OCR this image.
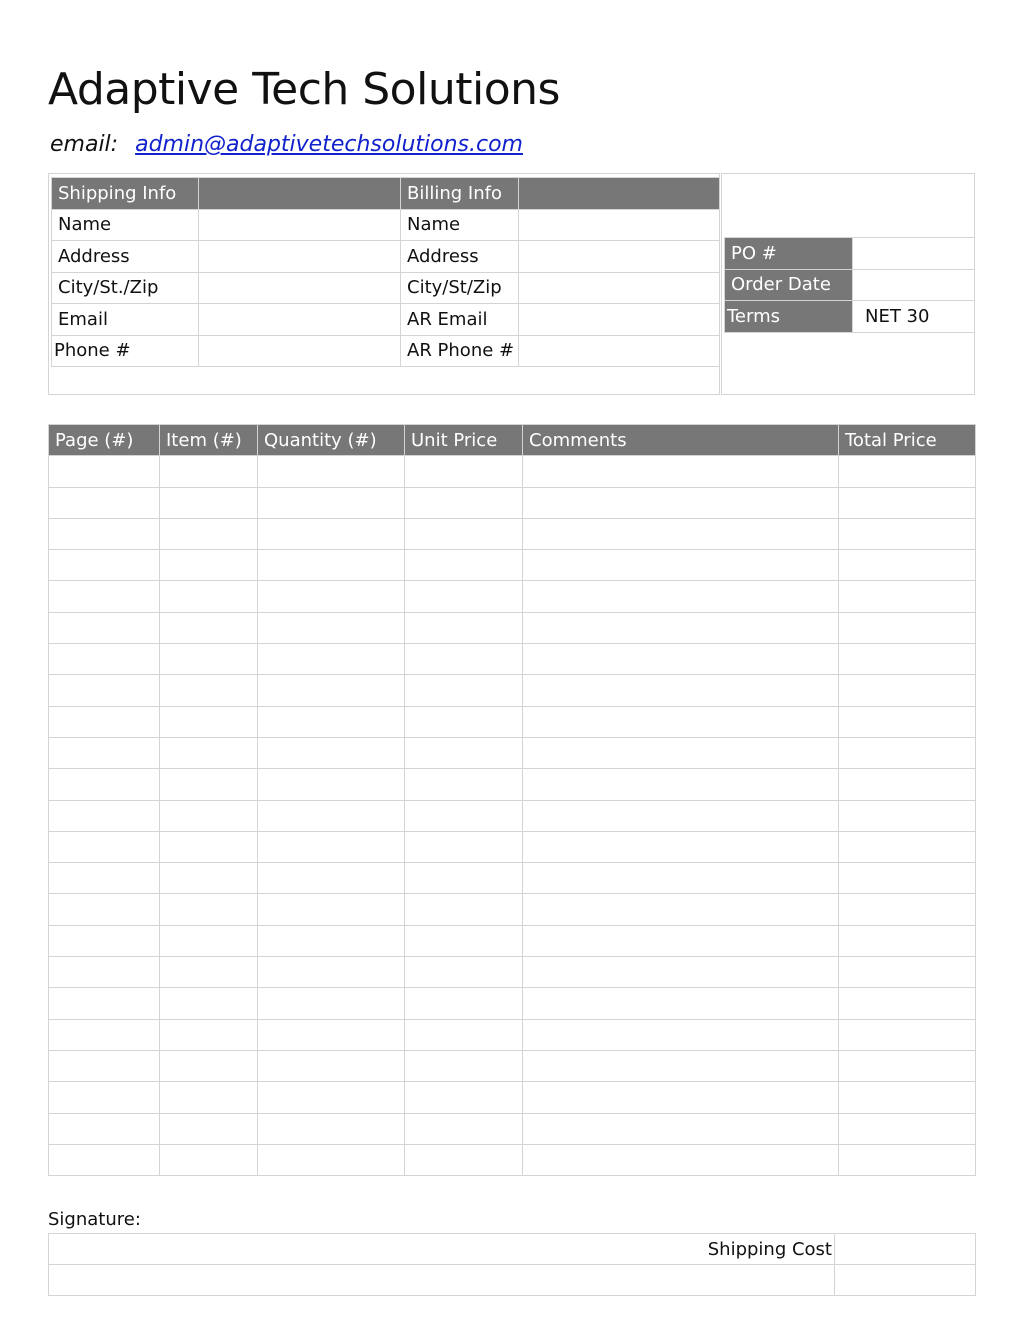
Adaptive Tech Solutions
email: admin@adaptivetechsolutions.com
Shipping Info		Billing Info	
Name		Name	
Address		Address	
City/St./Zip		City/St/Zip	
Email		AR Email	
Phone #		AR Phone #	
PO #	
Order Date	
Terms	NET 30
Page (#)	Item (#)	Quantity (#)	Unit Price	Comments	Total Price

Signature:
Shipping Cost	
